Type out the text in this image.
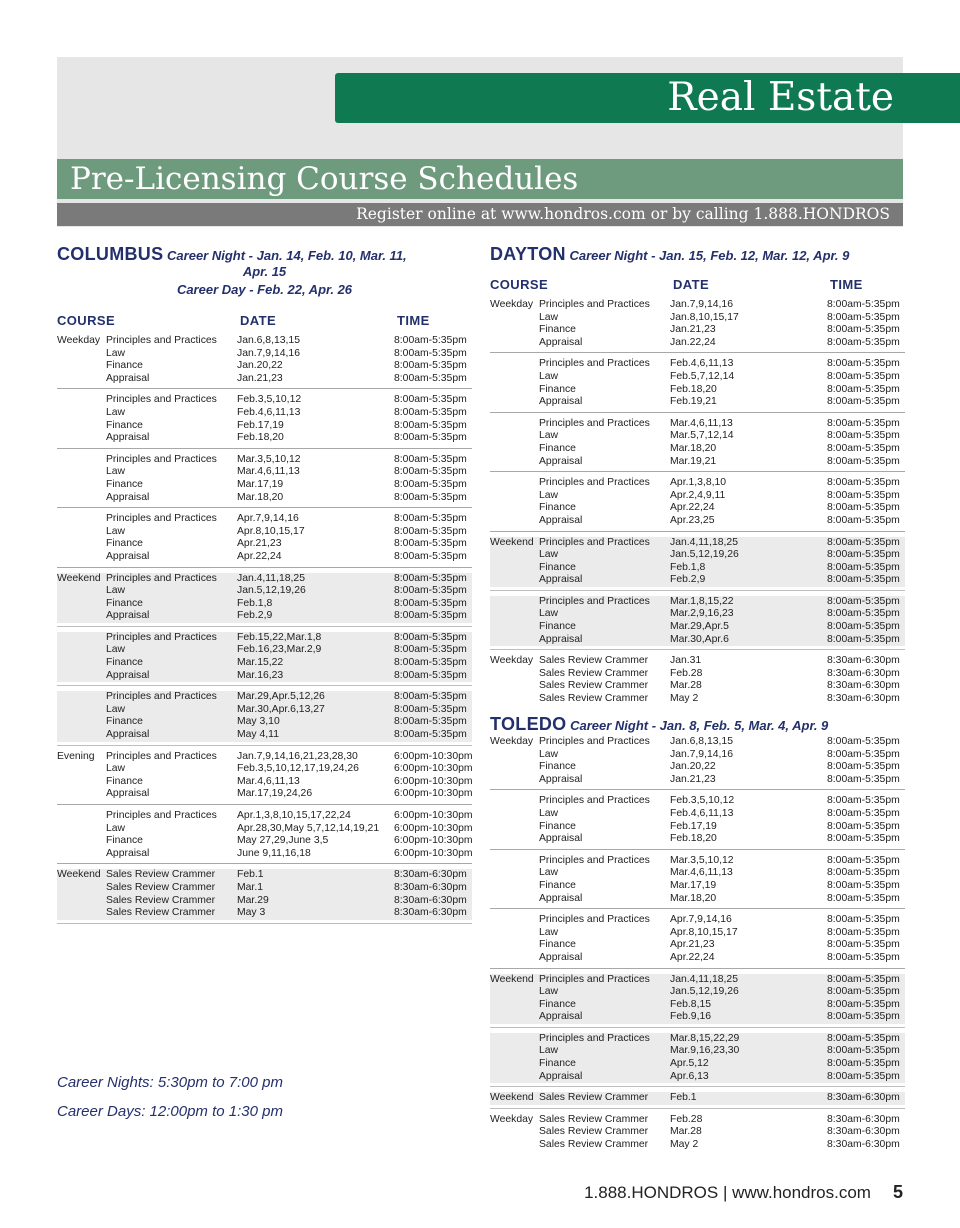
Real Estate
Pre-Licensing Course Schedules
Register online at www.hondros.com or by calling 1.888.HONDROS
COLUMBUS Career Night - Jan. 14, Feb. 10, Mar. 11,
Apr. 15
Career Day - Feb. 22, Apr. 26
COURSE	DATE	TIME
Weekday Principles and Practices Jan.6,8,13,15	8:00am-5:35pm
Law	Jan.7,9,14,16	8:00am-5:35pm
Finance	Jan.20,22	8:00am-5:35pm
Appraisal	Jan.21,23	8:00am-5:35pm
Principles and Practices Feb.3,5,10,12	8:00am-5:35pm
Law	Feb.4,6,11,13	8:00am-5:35pm
Finance	Feb.17,19	8:00am-5:35pm
Appraisal	Feb.18,20	8:00am-5:35pm
Principles and Practices Mar.3,5,10,12	8:00am-5:35pm
Law	Mar.4,6,11,13	8:00am-5:35pm
Finance	Mar.17,19	8:00am-5:35pm
Appraisal	Mar.18,20	8:00am-5:35pm
Principles and Practices Apr.7,9,14,16	8:00am-5:35pm
Law	Apr.8,10,15,17	8:00am-5:35pm
Finance	Apr.21,23	8:00am-5:35pm
Appraisal	Apr.22,24	8:00am-5:35pm
Weekend Principles and Practices Jan.4,11,18,25	8:00am-5:35pm
Law	Jan.5,12,19,26	8:00am-5:35pm
Finance	Feb.1,8	8:00am-5:35pm
Appraisal	Feb.2,9	8:00am-5:35pm
Principles and Practices Feb.15,22,Mar.1,8	8:00am-5:35pm
Law	Feb.16,23,Mar.2,9	8:00am-5:35pm
Finance	Mar.15,22	8:00am-5:35pm
Appraisal	Mar.16,23	8:00am-5:35pm
Principles and Practices Mar.29,Apr.5,12,26	8:00am-5:35pm
Law	Mar.30,Apr.6,13,27	8:00am-5:35pm
Finance	May 3,10	8:00am-5:35pm
Appraisal	May 4,11	8:00am-5:35pm
Evening Principles and Practices Jan.7,9,14,16,21,23,28,30	6:00pm-10:30pm
Law	Feb.3,5,10,12,17,19,24,26	6:00pm-10:30pm
Finance	Mar.4,6,11,13	6:00pm-10:30pm
Appraisal	Mar.17,19,24,26	6:00pm-10:30pm
Principles and Practices Apr.1,3,8,10,15,17,22,24	6:00pm-10:30pm
Law	Apr.28,30,May 5,7,12,14,19,21 6:00pm-10:30pm
Finance	May 27,29,June 3,5	6:00pm-10:30pm
Appraisal	June 9,11,16,18	6:00pm-10:30pm
Weekend Sales Review Crammer Feb.1	8:30am-6:30pm
Sales Review Crammer Mar.1	8:30am-6:30pm
Sales Review Crammer Mar.29	8:30am-6:30pm
Sales Review Crammer May 3	8:30am-6:30pm
DAYTON Career Night - Jan. 15, Feb. 12, Mar. 12, Apr. 9
COURSE	DATE	TIME
Weekday Principles and Practices Jan.7,9,14,16	8:00am-5:35pm
Law	Jan.8,10,15,17	8:00am-5:35pm
Finance	Jan.21,23	8:00am-5:35pm
Appraisal	Jan.22,24	8:00am-5:35pm
Principles and Practices Feb.4,6,11,13	8:00am-5:35pm
Law	Feb.5,7,12,14	8:00am-5:35pm
Finance	Feb.18,20	8:00am-5:35pm
Appraisal	Feb.19,21	8:00am-5:35pm
Principles and Practices Mar.4,6,11,13	8:00am-5:35pm
Law	Mar.5,7,12,14	8:00am-5:35pm
Finance	Mar.18,20	8:00am-5:35pm
Appraisal	Mar.19,21	8:00am-5:35pm
Principles and Practices Apr.1,3,8,10	8:00am-5:35pm
Law	Apr.2,4,9,11	8:00am-5:35pm
Finance	Apr.22,24	8:00am-5:35pm
Appraisal	Apr.23,25	8:00am-5:35pm
Weekend Principles and Practices Jan.4,11,18,25	8:00am-5:35pm
Law	Jan.5,12,19,26	8:00am-5:35pm
Finance	Feb.1,8	8:00am-5:35pm
Appraisal	Feb.2,9	8:00am-5:35pm
Principles and Practices Mar.1,8,15,22	8:00am-5:35pm
Law	Mar.2,9,16,23	8:00am-5:35pm
Finance	Mar.29,Apr.5	8:00am-5:35pm
Appraisal	Mar.30,Apr.6	8:00am-5:35pm
Weekday Sales Review Crammer Jan.31	8:30am-6:30pm
Sales Review Crammer Feb.28	8:30am-6:30pm
Sales Review Crammer Mar.28	8:30am-6:30pm
Sales Review Crammer May 2	8:30am-6:30pm
TOLEDO Career Night - Jan. 8, Feb. 5, Mar. 4, Apr. 9
Weekday Principles and Practices Jan.6,8,13,15	8:00am-5:35pm
Law	Jan.7,9,14,16	8:00am-5:35pm
Finance	Jan.20,22	8:00am-5:35pm
Appraisal	Jan.21,23	8:00am-5:35pm
Principles and Practices Feb.3,5,10,12	8:00am-5:35pm
Law	Feb.4,6,11,13	8:00am-5:35pm
Finance	Feb.17,19	8:00am-5:35pm
Appraisal	Feb.18,20	8:00am-5:35pm
Principles and Practices Mar.3,5,10,12	8:00am-5:35pm
Law	Mar.4,6,11,13	8:00am-5:35pm
Finance	Mar.17,19	8:00am-5:35pm
Appraisal	Mar.18,20	8:00am-5:35pm
Principles and Practices Apr.7,9,14,16	8:00am-5:35pm
Law	Apr.8,10,15,17	8:00am-5:35pm
Finance	Apr.21,23	8:00am-5:35pm
Appraisal	Apr.22,24	8:00am-5:35pm
Weekend Principles and Practices Jan.4,11,18,25	8:00am-5:35pm
Law	Jan.5,12,19,26	8:00am-5:35pm
Finance	Feb.8,15	8:00am-5:35pm
Appraisal	Feb.9,16	8:00am-5:35pm
Principles and Practices Mar.8,15,22,29	8:00am-5:35pm
Law	Mar.9,16,23,30	8:00am-5:35pm
Finance	Apr.5,12	8:00am-5:35pm
Appraisal	Apr.6,13	8:00am-5:35pm
Weekend Sales Review Crammer Feb.1	8:30am-6:30pm
Weekday Sales Review Crammer Feb.28	8:30am-6:30pm
Sales Review Crammer Mar.28	8:30am-6:30pm
Sales Review Crammer May 2	8:30am-6:30pm
Career Nights: 5:30pm to 7:00 pm
Career Days: 12:00pm to 1:30 pm
1.888.HONDROS | www.hondros.com 5
